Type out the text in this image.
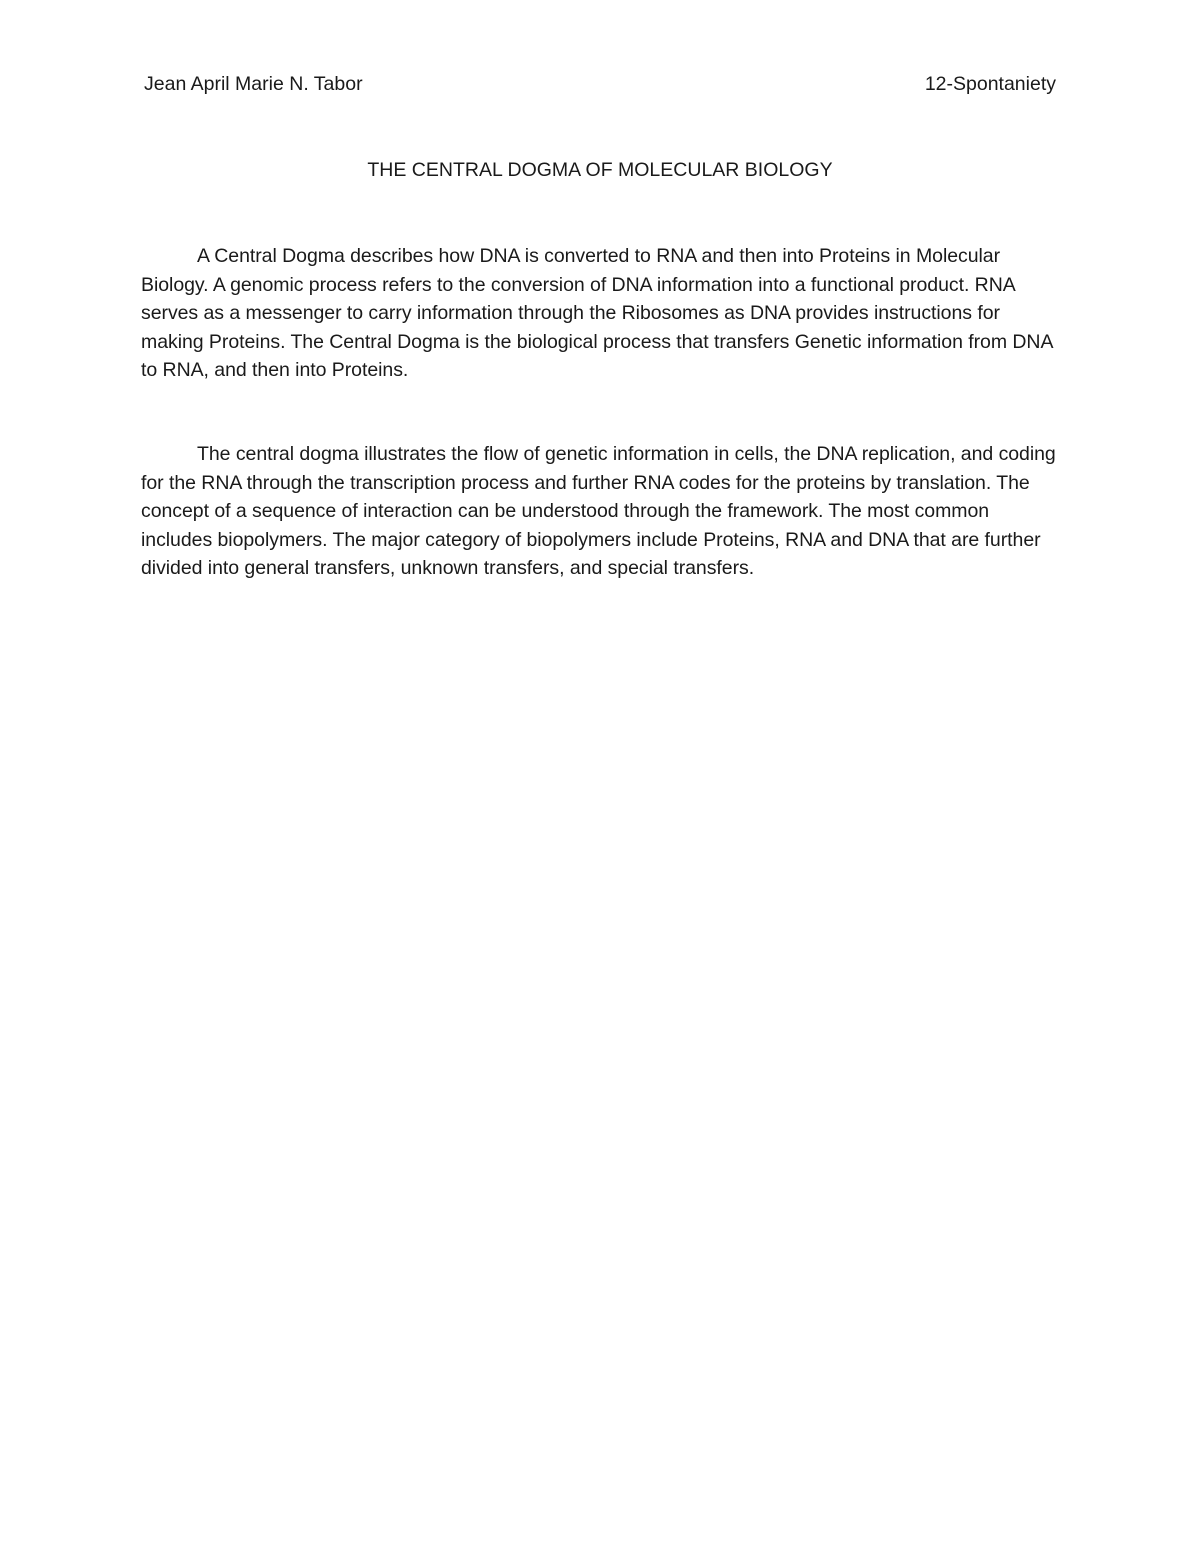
Jean April Marie N. Tabor	12-Spontaniety
THE CENTRAL DOGMA OF MOLECULAR BIOLOGY

A Central Dogma describes how DNA is converted to RNA and then into Proteins in Molecular Biology. A genomic process refers to the conversion of DNA information into a functional product. RNA serves as a messenger to carry information through the Ribosomes as DNA provides instructions for making Proteins. The Central Dogma is the biological process that transfers Genetic information from DNA to RNA, and then into Proteins.

The central dogma illustrates the flow of genetic information in cells, the DNA replication, and coding for the RNA through the transcription process and further RNA codes for the proteins by translation. The concept of a sequence of interaction can be understood through the framework. The most common includes biopolymers. The major category of biopolymers include Proteins, RNA and DNA that are further divided into general transfers, unknown transfers, and special transfers.
